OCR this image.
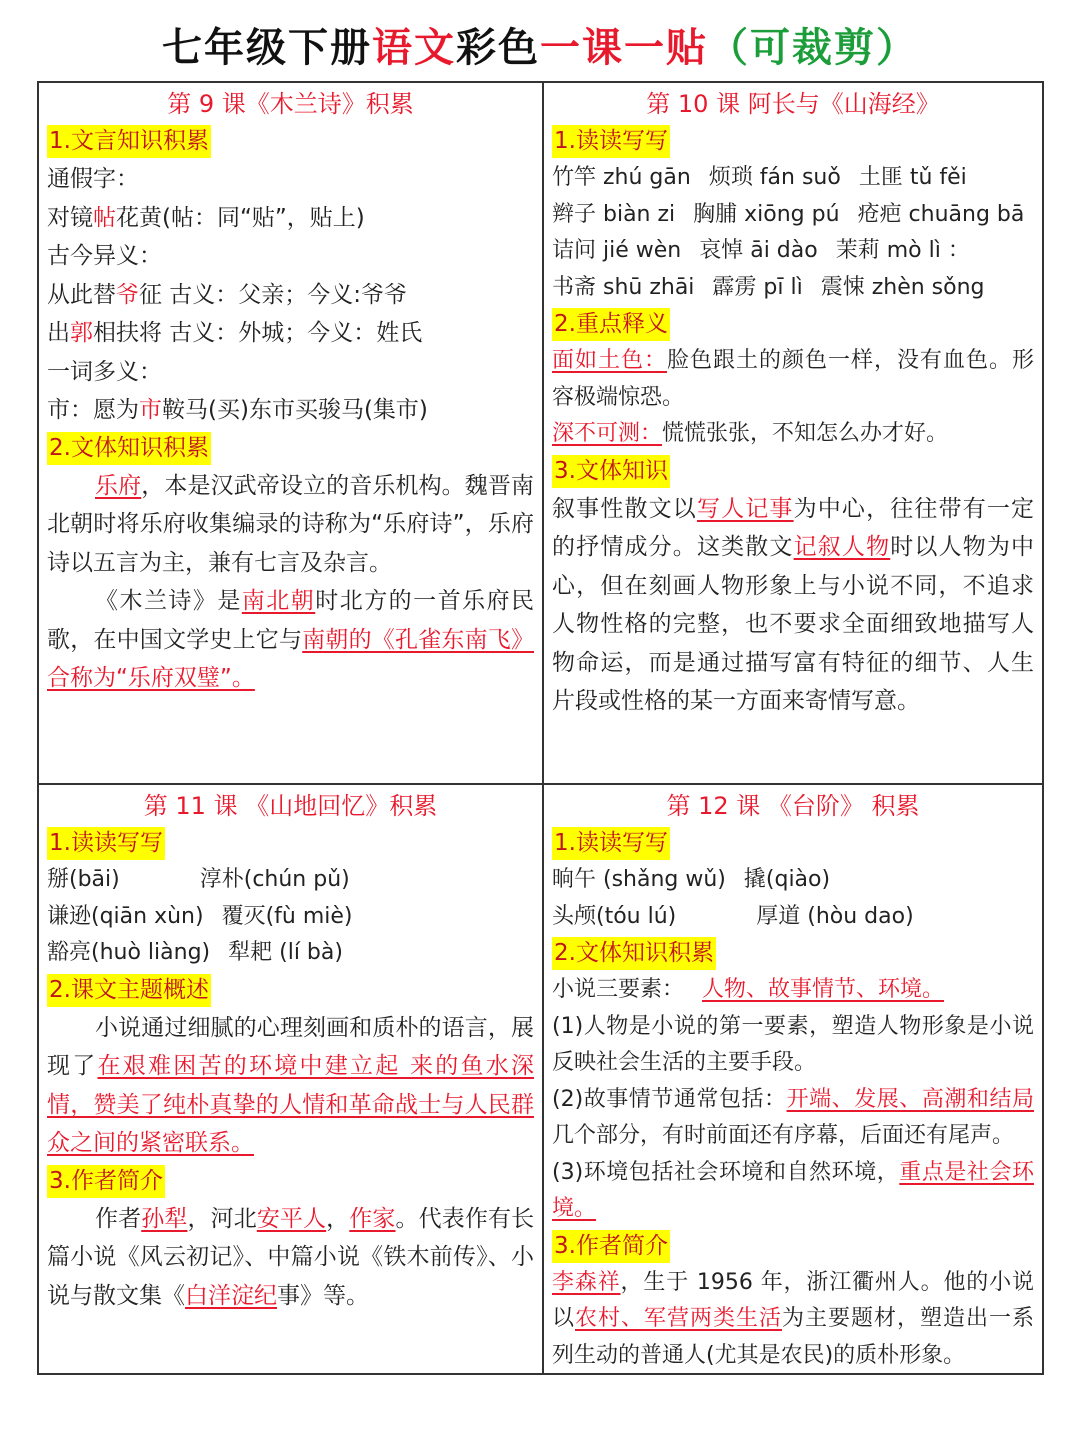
七年级下册语文彩色一课一贴（可裁剪）
第 9 课《木兰诗》积累
1.文言知识积累
通假字：
对镜帖花黄(帖：同“贴”，贴上)
古今异义：
从此替爷征 古义：父亲；今义:爷爷
出郭相扶将 古义：外城；今义：姓氏
一词多义：
市：愿为市鞍马(买)东市买骏马(集市)
2.文体知识积累
乐府，本是汉武帝设立的音乐机构。魏晋南北朝时将乐府收集编录的诗称为“乐府诗”，乐府诗以五言为主，兼有七言及杂言。
《木兰诗》是南北朝时北方的一首乐府民歌，在中国文学史上它与南朝的《孔雀东南飞》合称为“乐府双璧”。
第 10 课 阿长与《山海经》
1.读读写写
竹竿 zhú gān 烦琐 fán suǒ 土匪 tǔ fěi
辫子 biàn zi 胸脯 xiōng pú 疮疤 chuāng bā
诘问 jié wèn 哀悼 āi dào 茉莉 mò lì ：
书斋 shū zhāi 霹雳 pī lì 震悚 zhèn sǒng
2.重点释义
面如土色：脸色跟土的颜色一样，没有血色。形容极端惊恐。
深不可测：慌慌张张，不知怎么办才好。
3.文体知识
叙事性散文以写人记事为中心，往往带有一定的抒情成分。这类散文记叙人物时以人物为中心，但在刻画人物形象上与小说不同，不追求人物性格的完整，也不要求全面细致地描写人物命运，而是通过描写富有特征的细节、人生片段或性格的某一方面来寄情写意。
第 11 课 《山地回忆》积累
1.读读写写
掰(bāi)	淳朴(chún pǔ)
谦逊(qiān xùn) 覆灭(fù miè)
豁亮(huò liàng) 犁耙 (lí bà)
2.课文主题概述
小说通过细腻的心理刻画和质朴的语言，展现了在艰难困苦的环境中建立起 来的鱼水深情，赞美了纯朴真挚的人情和革命战士与人民群众之间的紧密联系。
3.作者简介
作者孙犁，河北安平人，作家。代表作有长篇小说《风云初记》、中篇小说《铁木前传》、小说与散文集《白洋淀纪事》等。
第 12 课 《台阶》 积累
1.读读写写
晌午 (shǎng wǔ) 撬(qiào)
头颅(tóu lú)	厚道 (hòu dao)
2.文体知识积累
小说三要素： 人物、故事情节、环境。
(1)人物是小说的第一要素，塑造人物形象是小说反映社会生活的主要手段。
(2)故事情节通常包括：开端、发展、高潮和结局几个部分，有时前面还有序幕，后面还有尾声。
(3)环境包括社会环境和自然环境，重点是社会环境。
3.作者简介
李森祥，生于 1956 年，浙江衢州人。他的小说以农村、军营两类生活为主要题材，塑造出一系列生动的普通人(尤其是农民)的质朴形象。
